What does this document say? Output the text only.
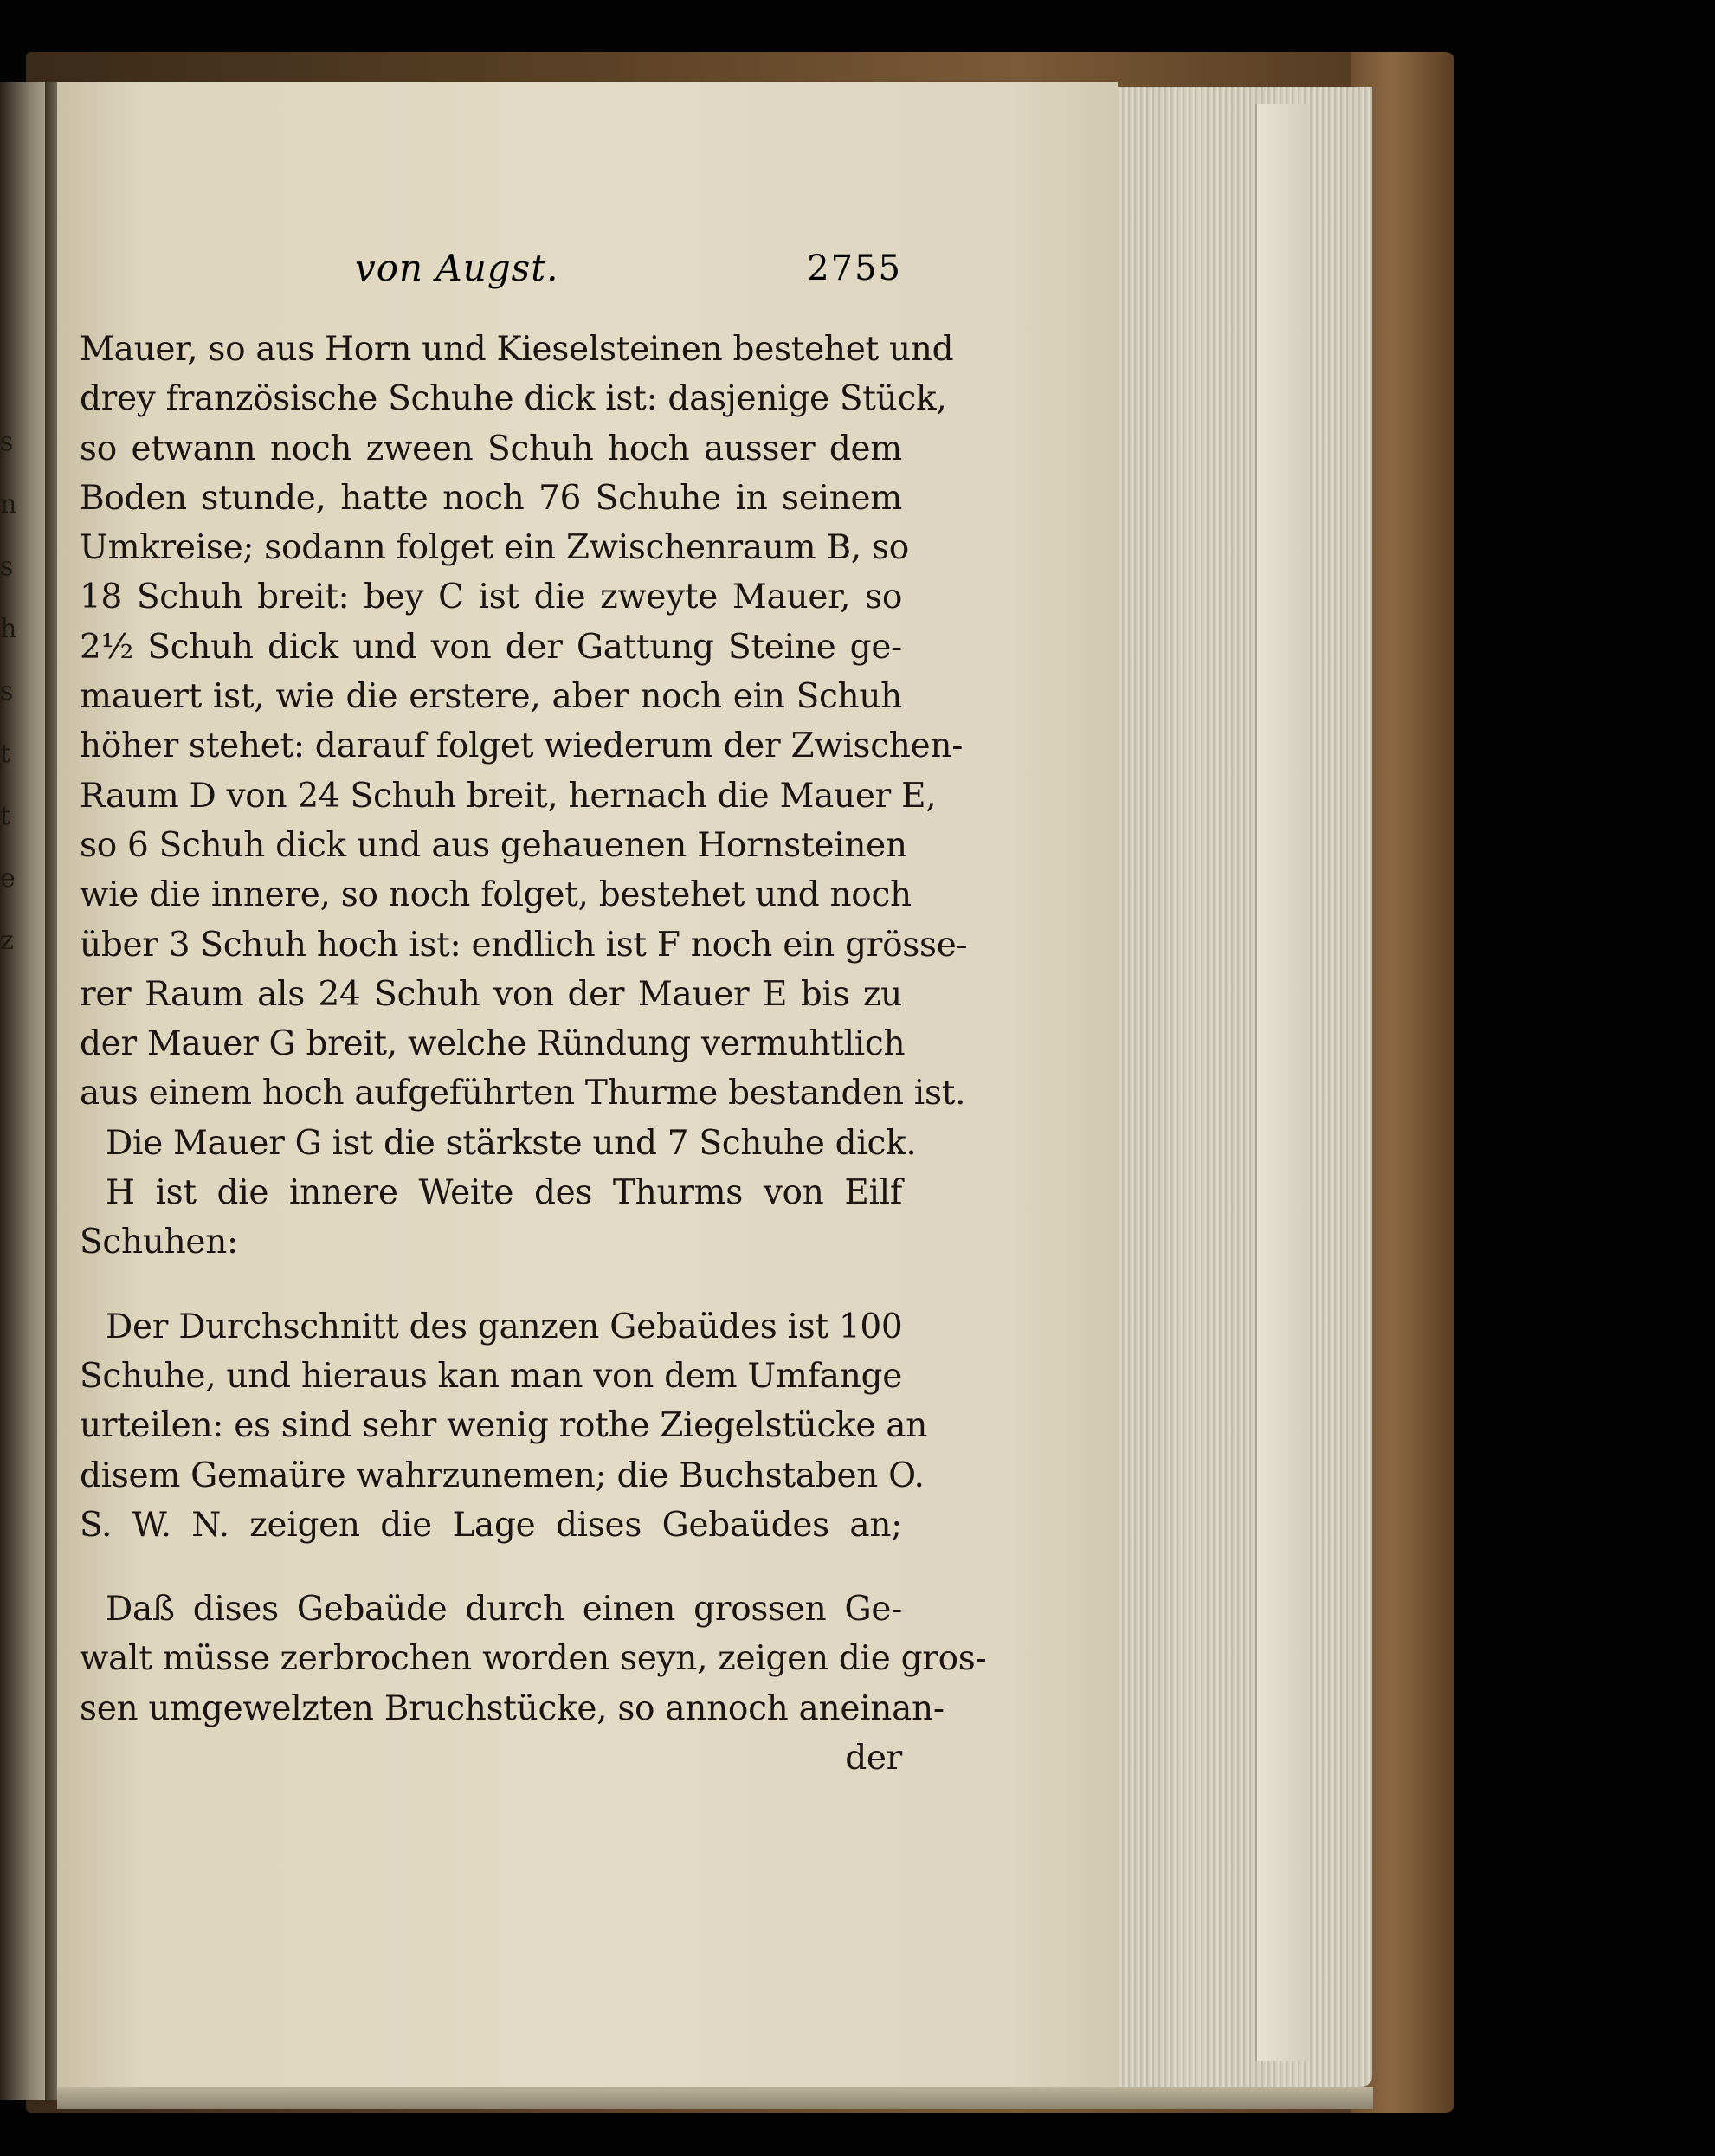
s
n
s
h
s
t
t
e
z
von Augst.	2755
Mauer, so aus Horn und Kieselsteinen bestehet und
drey französische Schuhe dick ist: dasjenige Stück,
so etwann noch zween Schuh hoch ausser dem
Boden stunde, hatte noch 76 Schuhe in seinem
Umkreise; sodann folget ein Zwischenraum B, so
18 Schuh breit: bey C ist die zweyte Mauer, so
2½ Schuh dick und von der Gattung Steine ge-
mauert ist, wie die erstere, aber noch ein Schuh
höher stehet: darauf folget wiederum der Zwischen-
Raum D von 24 Schuh breit, hernach die Mauer E,
so 6 Schuh dick und aus gehauenen Hornsteinen
wie die innere, so noch folget, bestehet und noch
über 3 Schuh hoch ist: endlich ist F noch ein grösse-
rer Raum als 24 Schuh von der Mauer E bis zu
der Mauer G breit, welche Ründung vermuhtlich
aus einem hoch aufgeführten Thurme bestanden ist.
Die Mauer G ist die stärkste und 7 Schuhe dick.
H ist die innere Weite des Thurms von Eilf
Schuhen:
Der Durchschnitt des ganzen Gebaüdes ist 100
Schuhe, und hieraus kan man von dem Umfange
urteilen: es sind sehr wenig rothe Ziegelstücke an
disem Gemaüre wahrzunemen; die Buchstaben O.
S. W. N. zeigen die Lage dises Gebaüdes an;
Daß dises Gebaüde durch einen grossen Ge-
walt müsse zerbrochen worden seyn, zeigen die gros-
sen umgewelzten Bruchstücke, so annoch aneinan-
der
